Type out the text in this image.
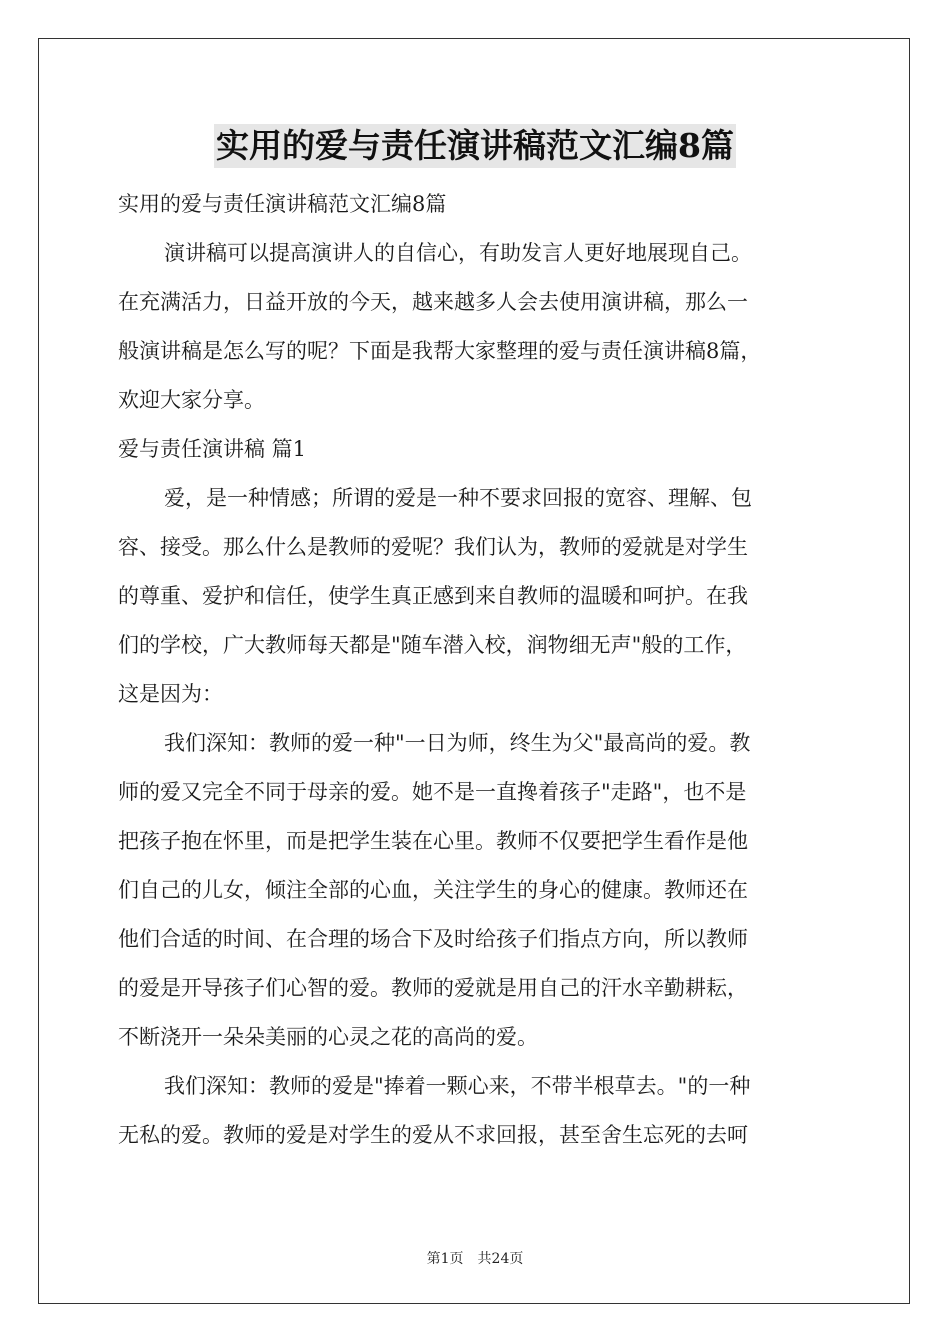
实用的爱与责任演讲稿范文汇编8篇
实用的爱与责任演讲稿范文汇编8篇
演讲稿可以提高演讲人的自信心，有助发言人更好地展现自己。
在充满活力，日益开放的今天，越来越多人会去使用演讲稿，那么一
般演讲稿是怎么写的呢？下面是我帮大家整理的爱与责任演讲稿8篇，
欢迎大家分享。
爱与责任演讲稿 篇1
爱，是一种情感；所谓的爱是一种不要求回报的宽容、理解、包
容、接受。那么什么是教师的爱呢？我们认为，教师的爱就是对学生
的尊重、爱护和信任，使学生真正感到来自教师的温暖和呵护。在我
们的学校，广大教师每天都是"随车潜入校，润物细无声"般的工作，
这是因为：
我们深知：教师的爱一种"一日为师，终生为父"最高尚的爱。教
师的爱又完全不同于母亲的爱。她不是一直搀着孩子"走路"，也不是
把孩子抱在怀里，而是把学生装在心里。教师不仅要把学生看作是他
们自己的儿女，倾注全部的心血，关注学生的身心的健康。教师还在
他们合适的时间、在合理的场合下及时给孩子们指点方向，所以教师
的爱是开导孩子们心智的爱。教师的爱就是用自己的汗水辛勤耕耘，
不断浇开一朵朵美丽的心灵之花的高尚的爱。
我们深知：教师的爱是"捧着一颗心来，不带半根草去。"的一种
无私的爱。教师的爱是对学生的爱从不求回报，甚至舍生忘死的去呵
第1页　共24页
